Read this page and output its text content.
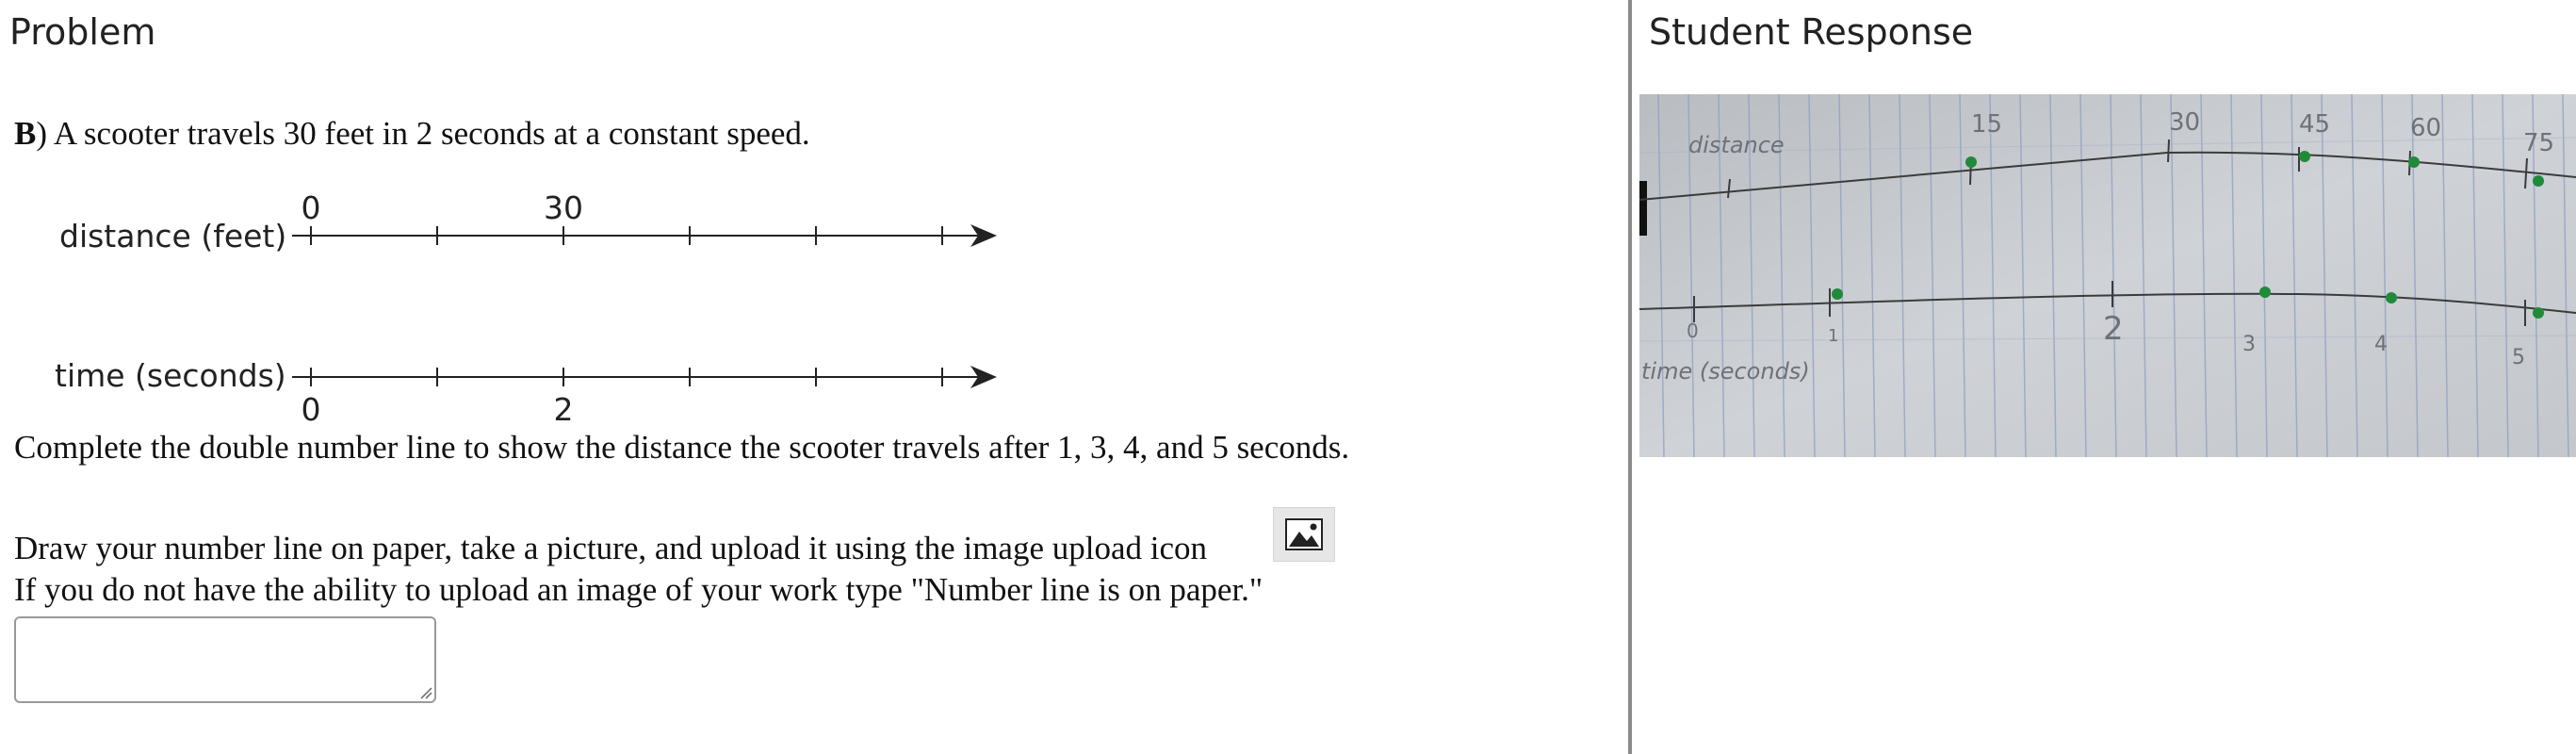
Problem
B) A scooter travels 30 feet in 2 seconds at a constant speed.
distance (feet)
0	30
time (seconds)
0	2
Complete the double number line to show the distance the scooter travels after 1, 3, 4, and 5 seconds.
Draw your number line on paper, take a picture, and upload it using the image upload icon
If you do not have the ability to upload an image of your work type "Number line is on paper."
Student Response
distance
15	30	45	60
75
0	1	2	3	4
5
time (seconds)
